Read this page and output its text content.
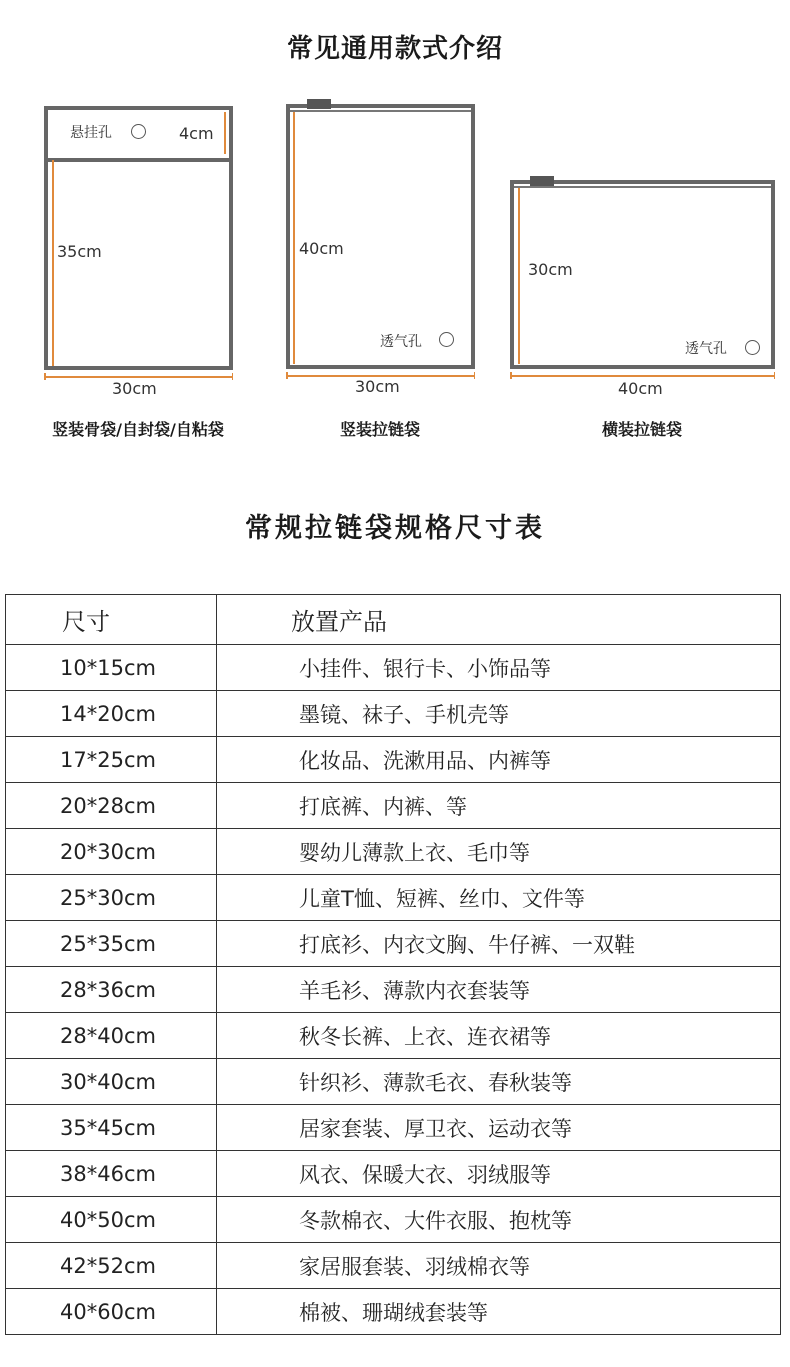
常见通用款式介绍
悬挂孔	4cm
35cm
30cm
竖装骨袋/自封袋/自粘袋
40cm
透气孔
30cm
竖装拉链袋
30cm
透气孔
40cm
横装拉链袋
常规拉链袋规格尺寸表
尺寸	放置产品
10*15cm	小挂件、银行卡、小饰品等
14*20cm	墨镜、袜子、手机壳等
17*25cm	化妆品、洗漱用品、内裤等
20*28cm	打底裤、内裤、等
20*30cm	婴幼儿薄款上衣、毛巾等
25*30cm	儿童T恤、短裤、丝巾、文件等
25*35cm	打底衫、内衣文胸、牛仔裤、一双鞋
28*36cm	羊毛衫、薄款内衣套装等
28*40cm	秋冬长裤、上衣、连衣裙等
30*40cm	针织衫、薄款毛衣、春秋装等
35*45cm	居家套装、厚卫衣、运动衣等
38*46cm	风衣、保暖大衣、羽绒服等
40*50cm	冬款棉衣、大件衣服、抱枕等
42*52cm	家居服套装、羽绒棉衣等
40*60cm	棉被、珊瑚绒套装等
